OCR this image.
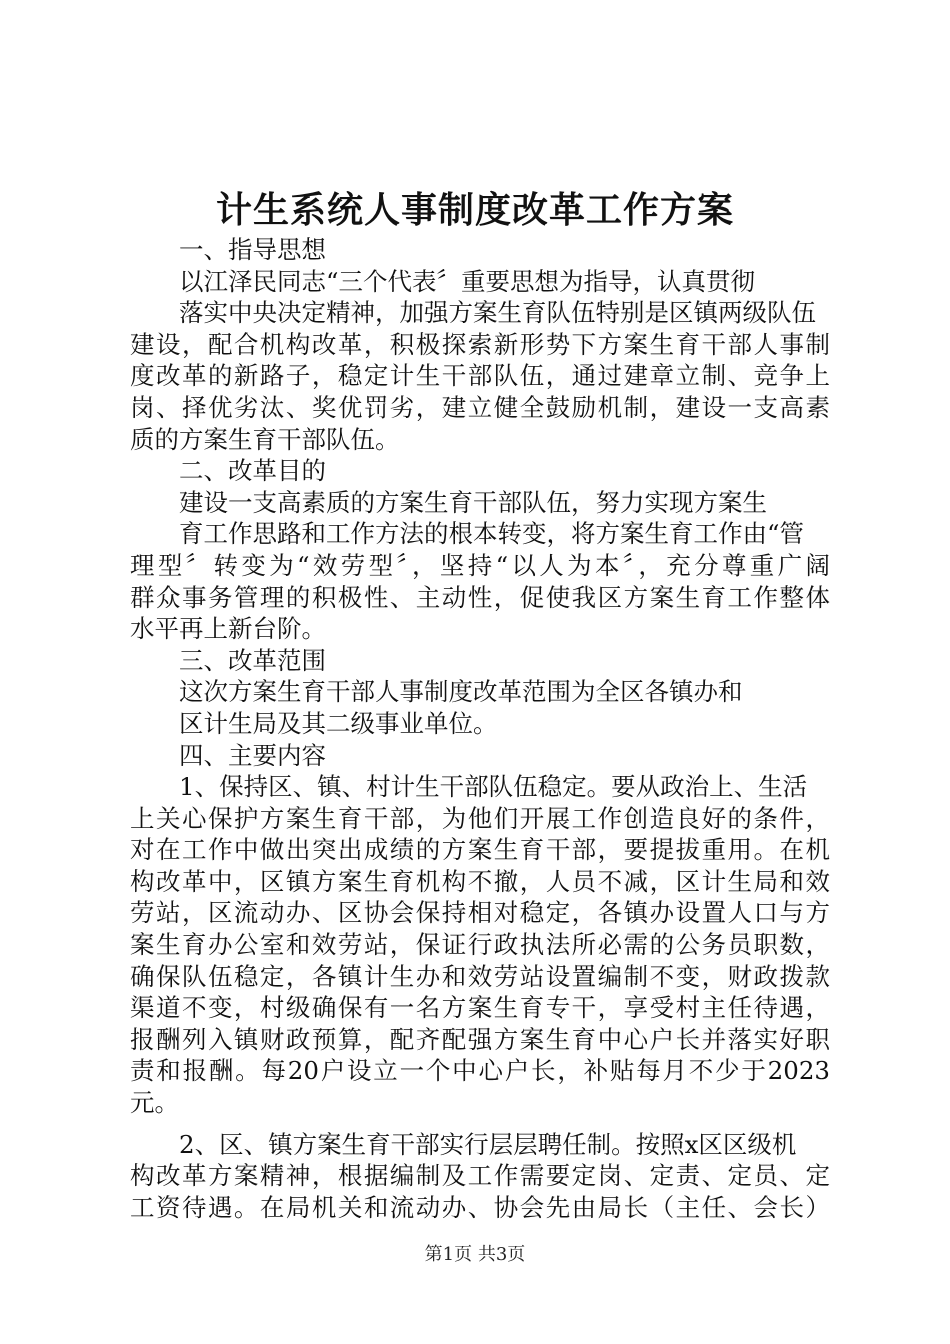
计生系统人事制度改革工作方案
一、指导思想
以江泽民同志“三个代表〞重要思想为指导，认真贯彻
落实中央决定精神，加强方案生育队伍特别是区镇两级队伍
建设，配合机构改革，积极探索新形势下方案生育干部人事制
度改革的新路子，稳定计生干部队伍，通过建章立制、竞争上
岗、择优劣汰、奖优罚劣，建立健全鼓励机制，建设一支高素
质的方案生育干部队伍。
二、改革目的
建设一支高素质的方案生育干部队伍，努力实现方案生
育工作思路和工作方法的根本转变，将方案生育工作由“管
理型〞转变为“效劳型〞，坚持“以人为本〞，充分尊重广阔
群众事务管理的积极性、主动性，促使我区方案生育工作整体
水平再上新台阶。
三、改革范围
这次方案生育干部人事制度改革范围为全区各镇办和
区计生局及其二级事业单位。
四、主要内容
1、保持区、镇、村计生干部队伍稳定。要从政治上、生活
上关心保护方案生育干部，为他们开展工作创造良好的条件，
对在工作中做出突出成绩的方案生育干部，要提拔重用。在机
构改革中，区镇方案生育机构不撤，人员不减，区计生局和效
劳站，区流动办、区协会保持相对稳定，各镇办设置人口与方
案生育办公室和效劳站，保证行政执法所必需的公务员职数，
确保队伍稳定，各镇计生办和效劳站设置编制不变，财政拨款
渠道不变，村级确保有一名方案生育专干，享受村主任待遇，
报酬列入镇财政预算，配齐配强方案生育中心户长并落实好职
责和报酬。每20户设立一个中心户长，补贴每月不少于2023
元。
2、区、镇方案生育干部实行层层聘任制。按照x区区级机
构改革方案精神，根据编制及工作需要定岗、定责、定员、定
工资待遇。在局机关和流动办、协会先由局长（主任、会长）
第1页 共3页
